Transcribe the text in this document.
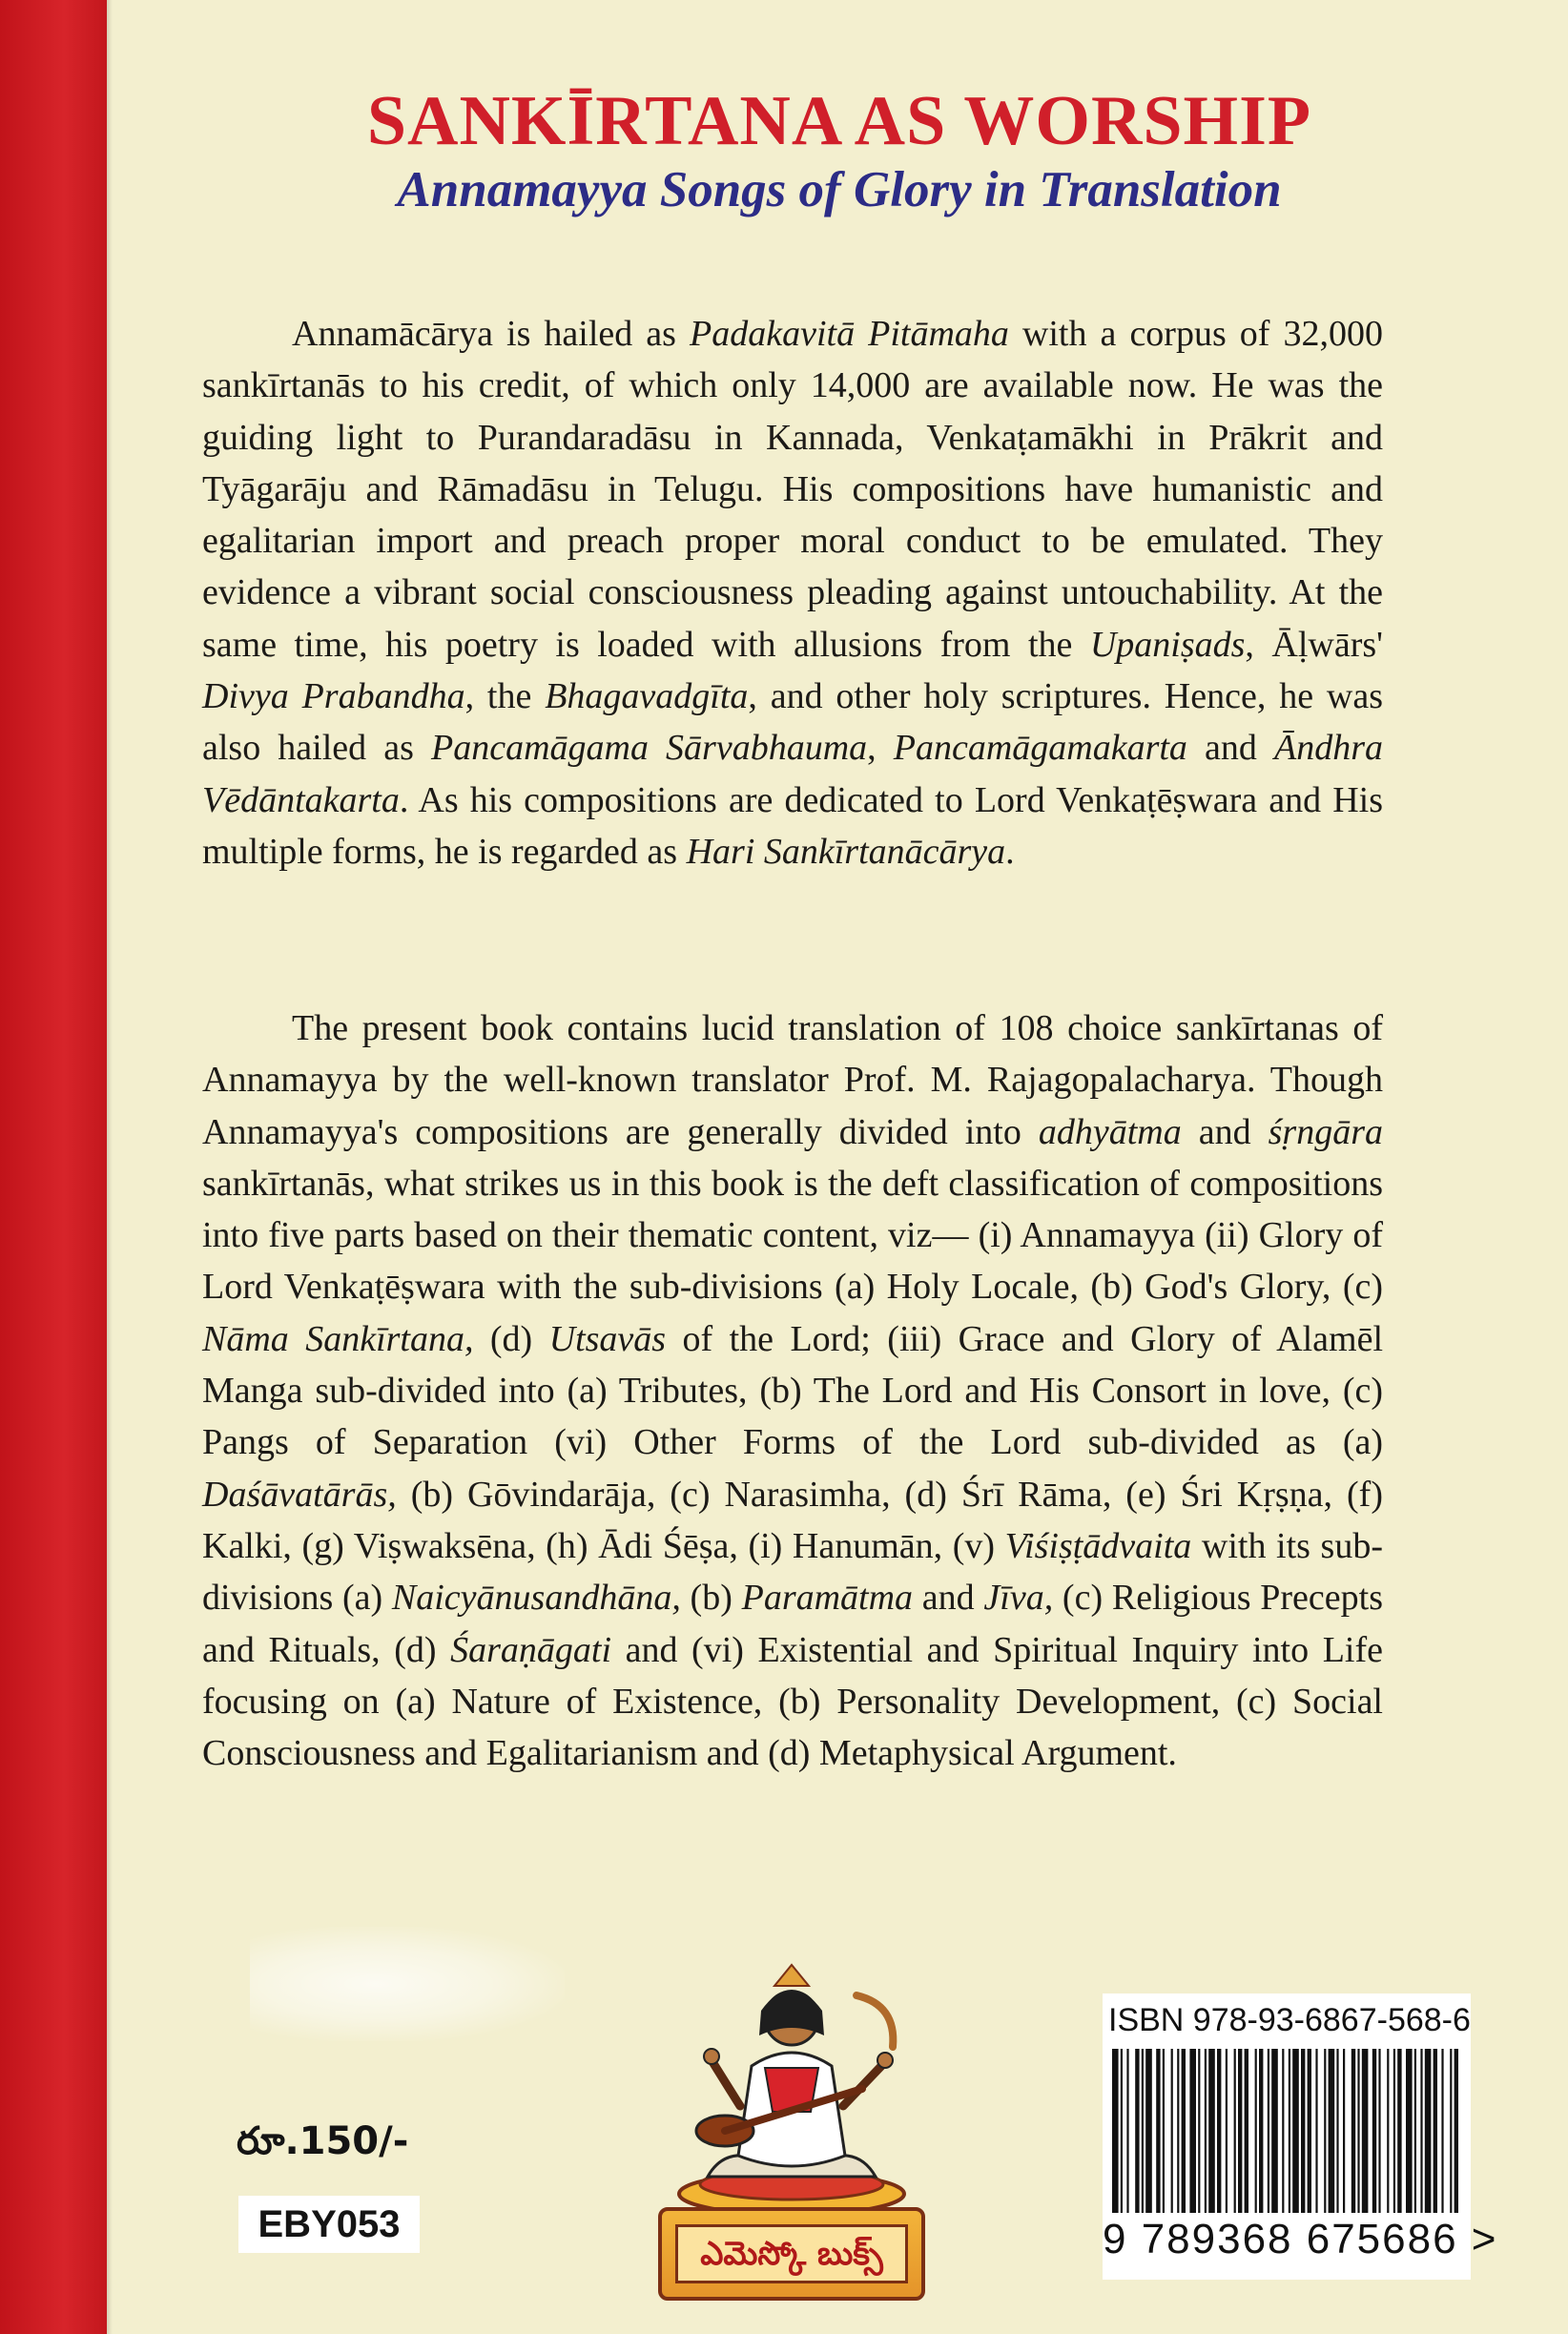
SANKĪRTANA AS WORSHIP
Annamayya Songs of Glory in Translation

Annamācārya is hailed as Padakavitā Pitāmaha with a corpus of 32,000 sankīrtanās to his credit, of which only 14,000 are available now. He was the guiding light to Purandaradāsu in Kannada, Venkaṭamākhi in Prākrit and Tyāgarāju and Rāmadāsu in Telugu. His compositions have humanistic and egalitarian import and preach proper moral conduct to be emulated. They evidence a vibrant social consciousness pleading against untouchability. At the same time, his poetry is loaded with allusions from the Upaniṣads, Āḷwārs' Divya Prabandha, the Bhagavadgīta, and other holy scriptures. Hence, he was also hailed as Pancamāgama Sārvabhauma, Pancamāgamakarta and Āndhra Vēdāntakarta. As his compositions are dedicated to Lord Venkaṭēṣwara and His multiple forms, he is regarded as Hari Sankīrtanācārya.

The present book contains lucid translation of 108 choice sankīrtanas of Annamayya by the well-known translator Prof. M. Rajagopalacharya. Though Annamayya's compositions are generally divided into adhyātma and śṛngāra sankīrtanās, what strikes us in this book is the deft classification of compositions into five parts based on their thematic content, viz— (i) Annamayya (ii) Glory of Lord Venkaṭēṣwara with the sub-divisions (a) Holy Locale, (b) God's Glory, (c) Nāma Sankīrtana, (d) Utsavās of the Lord; (iii) Grace and Glory of Alamēl Manga sub-divided into (a) Tributes, (b) The Lord and His Consort in love, (c) Pangs of Separation (vi) Other Forms of the Lord sub-divided as (a) Daśāvatārās, (b) Gōvindarāja, (c) Narasimha, (d) Śrī Rāma, (e) Śri Kṛṣṇa, (f) Kalki, (g) Viṣwaksēna, (h) Ādi Śēṣa, (i) Hanumān, (v) Viśiṣṭādvaita with its sub-divisions (a) Naicyānusandhāna, (b) Paramātma and Jīva, (c) Religious Precepts and Rituals, (d) Śaraṇāgati and (vi) Existential and Spiritual Inquiry into Life focusing on (a) Nature of Existence, (b) Personality Development, (c) Social Consciousness and Egalitarianism and (d) Metaphysical Argument.

రూ.150/-

EBY053
ఎమెస్కో బుక్స్

ISBN 978-93-6867-568-6

9 789368 675686 >
